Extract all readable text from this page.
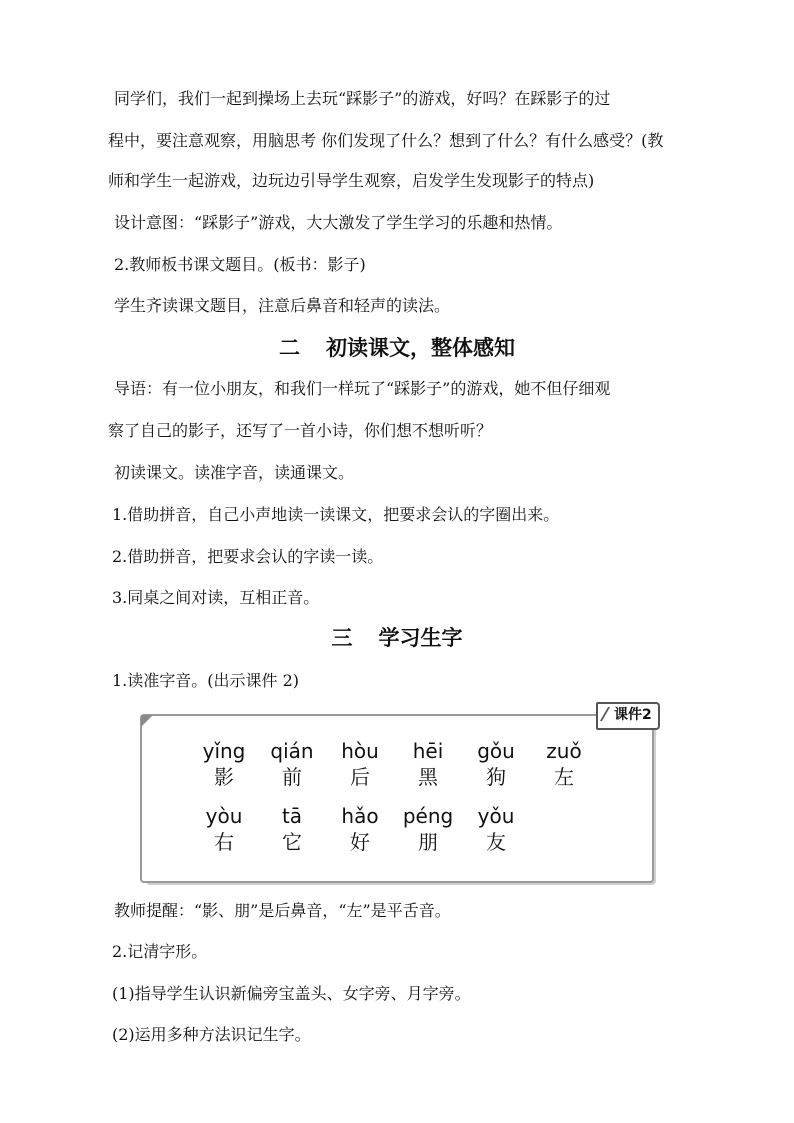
同学们，我们一起到操场上去玩“踩影子”的游戏，好吗？在踩影子的过

程中，要注意观察，用脑思考 你们发现了什么？想到了什么？有什么感受？(教

师和学生一起游戏，边玩边引导学生观察，启发学生发现影子的特点)

设计意图：“踩影子”游戏，大大激发了学生学习的乐趣和热情。

2.教师板书课文题目。(板书：影子)

学生齐读课文题目，注意后鼻音和轻声的读法。

二 初读课文，整体感知

导语：有一位小朋友，和我们一样玩了“踩影子”的游戏，她不但仔细观

察了自己的影子，还写了一首小诗，你们想不想听听？

初读课文。读准字音，读通课文。

1.借助拼音，自己小声地读一读课文，把要求会认的字圈出来。

2.借助拼音，把要求会认的字读一读。

3.同桌之间对读，互相正音。

三 学习生字

1.读准字音。(出示课件 2)

课件2
yǐng
影
qián
前
hòu
后
hēi
黑
gǒu
狗
zuǒ
左
yòu
右
tā
它
hǎo
好
péng
朋
yǒu
友

教师提醒：“影、朋”是后鼻音，“左”是平舌音。

2.记清字形。

(1)指导学生认识新偏旁宝盖头、女字旁、月字旁。

(2)运用多种方法识记生字。
